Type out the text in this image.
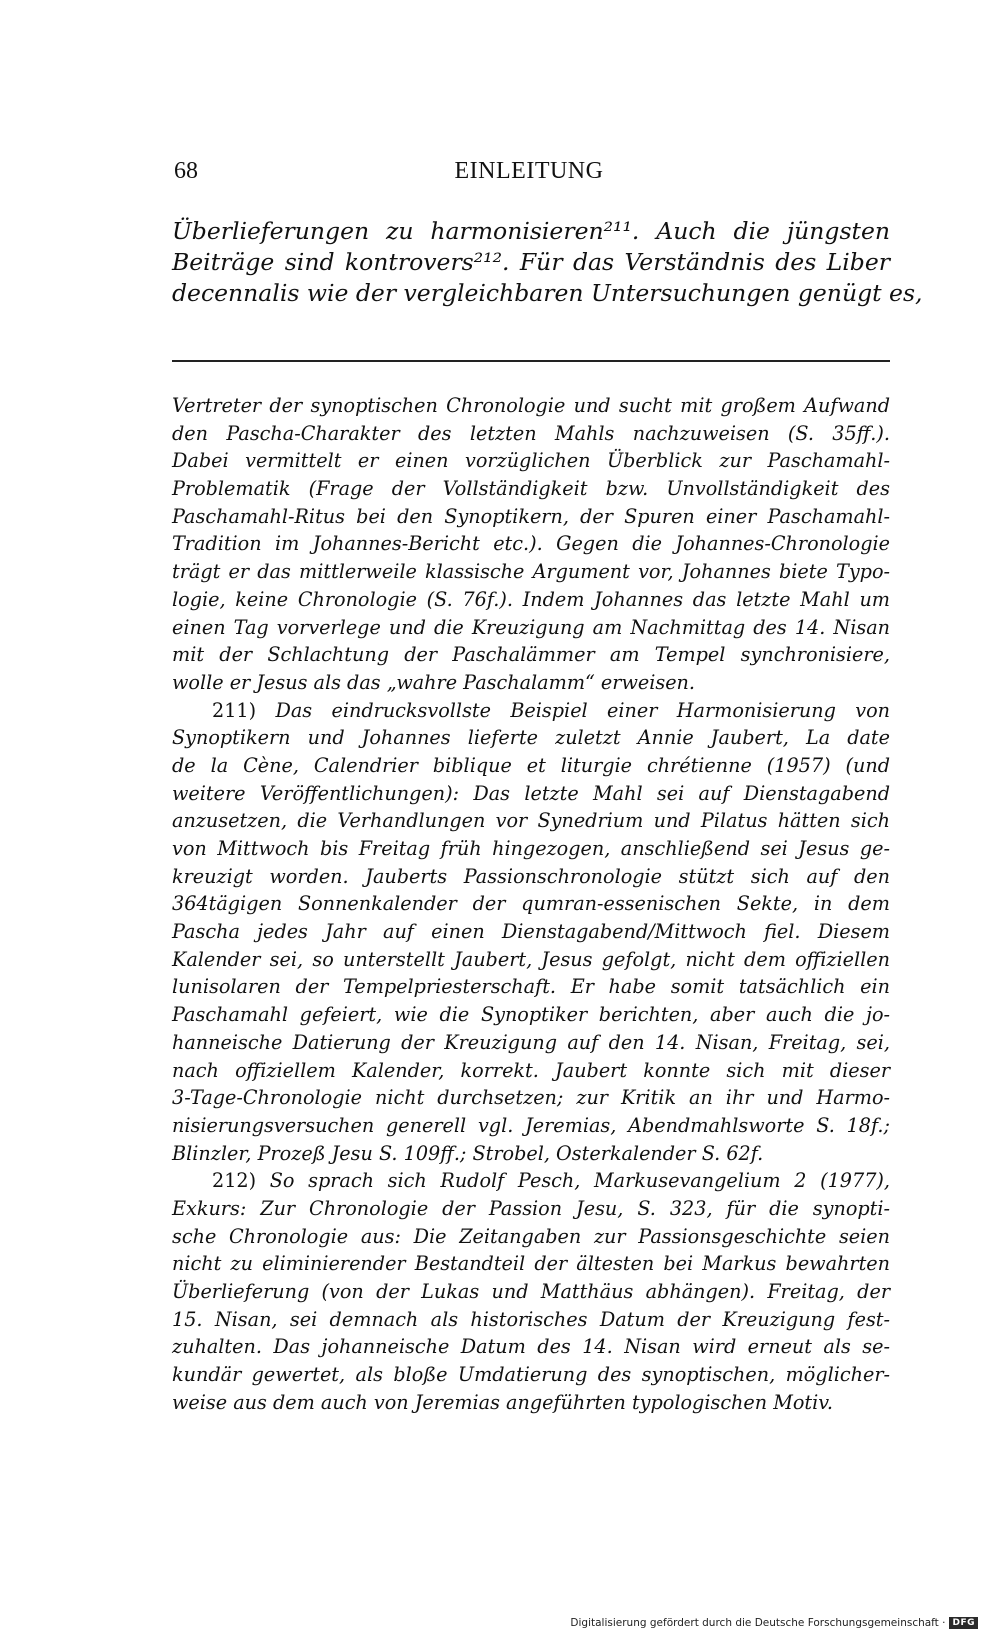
68	EINLEITUNG
Überlieferungen zu harmonisieren²¹¹. Auch die jüngsten
Beiträge sind kontrovers²¹². Für das Verständnis des Liber
decennalis wie der vergleichbaren Untersuchungen genügt es,
Vertreter der synoptischen Chronologie und sucht mit großem Aufwand
den Pascha-Charakter des letzten Mahls nachzuweisen (S. 35ff.).
Dabei vermittelt er einen vorzüglichen Überblick zur Paschamahl-
Problematik (Frage der Vollständigkeit bzw. Unvollständigkeit des
Paschamahl-Ritus bei den Synoptikern, der Spuren einer Paschamahl-
Tradition im Johannes-Bericht etc.). Gegen die Johannes-Chronologie
trägt er das mittlerweile klassische Argument vor, Johannes biete Typo-
logie, keine Chronologie (S. 76f.). Indem Johannes das letzte Mahl um
einen Tag vorverlege und die Kreuzigung am Nachmittag des 14. Nisan
mit der Schlachtung der Paschalämmer am Tempel synchronisiere,
wolle er Jesus als das „wahre Paschalamm“ erweisen.
211) Das eindrucksvollste Beispiel einer Harmonisierung von
Synoptikern und Johannes lieferte zuletzt Annie Jaubert, La date
de la Cène, Calendrier biblique et liturgie chrétienne (1957) (und
weitere Veröffentlichungen): Das letzte Mahl sei auf Dienstagabend
anzusetzen, die Verhandlungen vor Synedrium und Pilatus hätten sich
von Mittwoch bis Freitag früh hingezogen, anschließend sei Jesus ge-
kreuzigt worden. Jauberts Passionschronologie stützt sich auf den
364tägigen Sonnenkalender der qumran-essenischen Sekte, in dem
Pascha jedes Jahr auf einen Dienstagabend/Mittwoch fiel. Diesem
Kalender sei, so unterstellt Jaubert, Jesus gefolgt, nicht dem offiziellen
lunisolaren der Tempelpriesterschaft. Er habe somit tatsächlich ein
Paschamahl gefeiert, wie die Synoptiker berichten, aber auch die jo-
hanneische Datierung der Kreuzigung auf den 14. Nisan, Freitag, sei,
nach offiziellem Kalender, korrekt. Jaubert konnte sich mit dieser
3-Tage-Chronologie nicht durchsetzen; zur Kritik an ihr und Harmo-
nisierungsversuchen generell vgl. Jeremias, Abendmahlsworte S. 18f.;
Blinzler, Prozeß Jesu S. 109ff.; Strobel, Osterkalender S. 62f.
212) So sprach sich Rudolf Pesch, Markusevangelium 2 (1977),
Exkurs: Zur Chronologie der Passion Jesu, S. 323, für die synopti-
sche Chronologie aus: Die Zeitangaben zur Passionsgeschichte seien
nicht zu eliminierender Bestandteil der ältesten bei Markus bewahrten
Überlieferung (von der Lukas und Matthäus abhängen). Freitag, der
15. Nisan, sei demnach als historisches Datum der Kreuzigung fest-
zuhalten. Das johanneische Datum des 14. Nisan wird erneut als se-
kundär gewertet, als bloße Umdatierung des synoptischen, möglicher-
weise aus dem auch von Jeremias angeführten typologischen Motiv.
Digitalisierung gefördert durch die Deutsche Forschungsgemeinschaft · DFG
